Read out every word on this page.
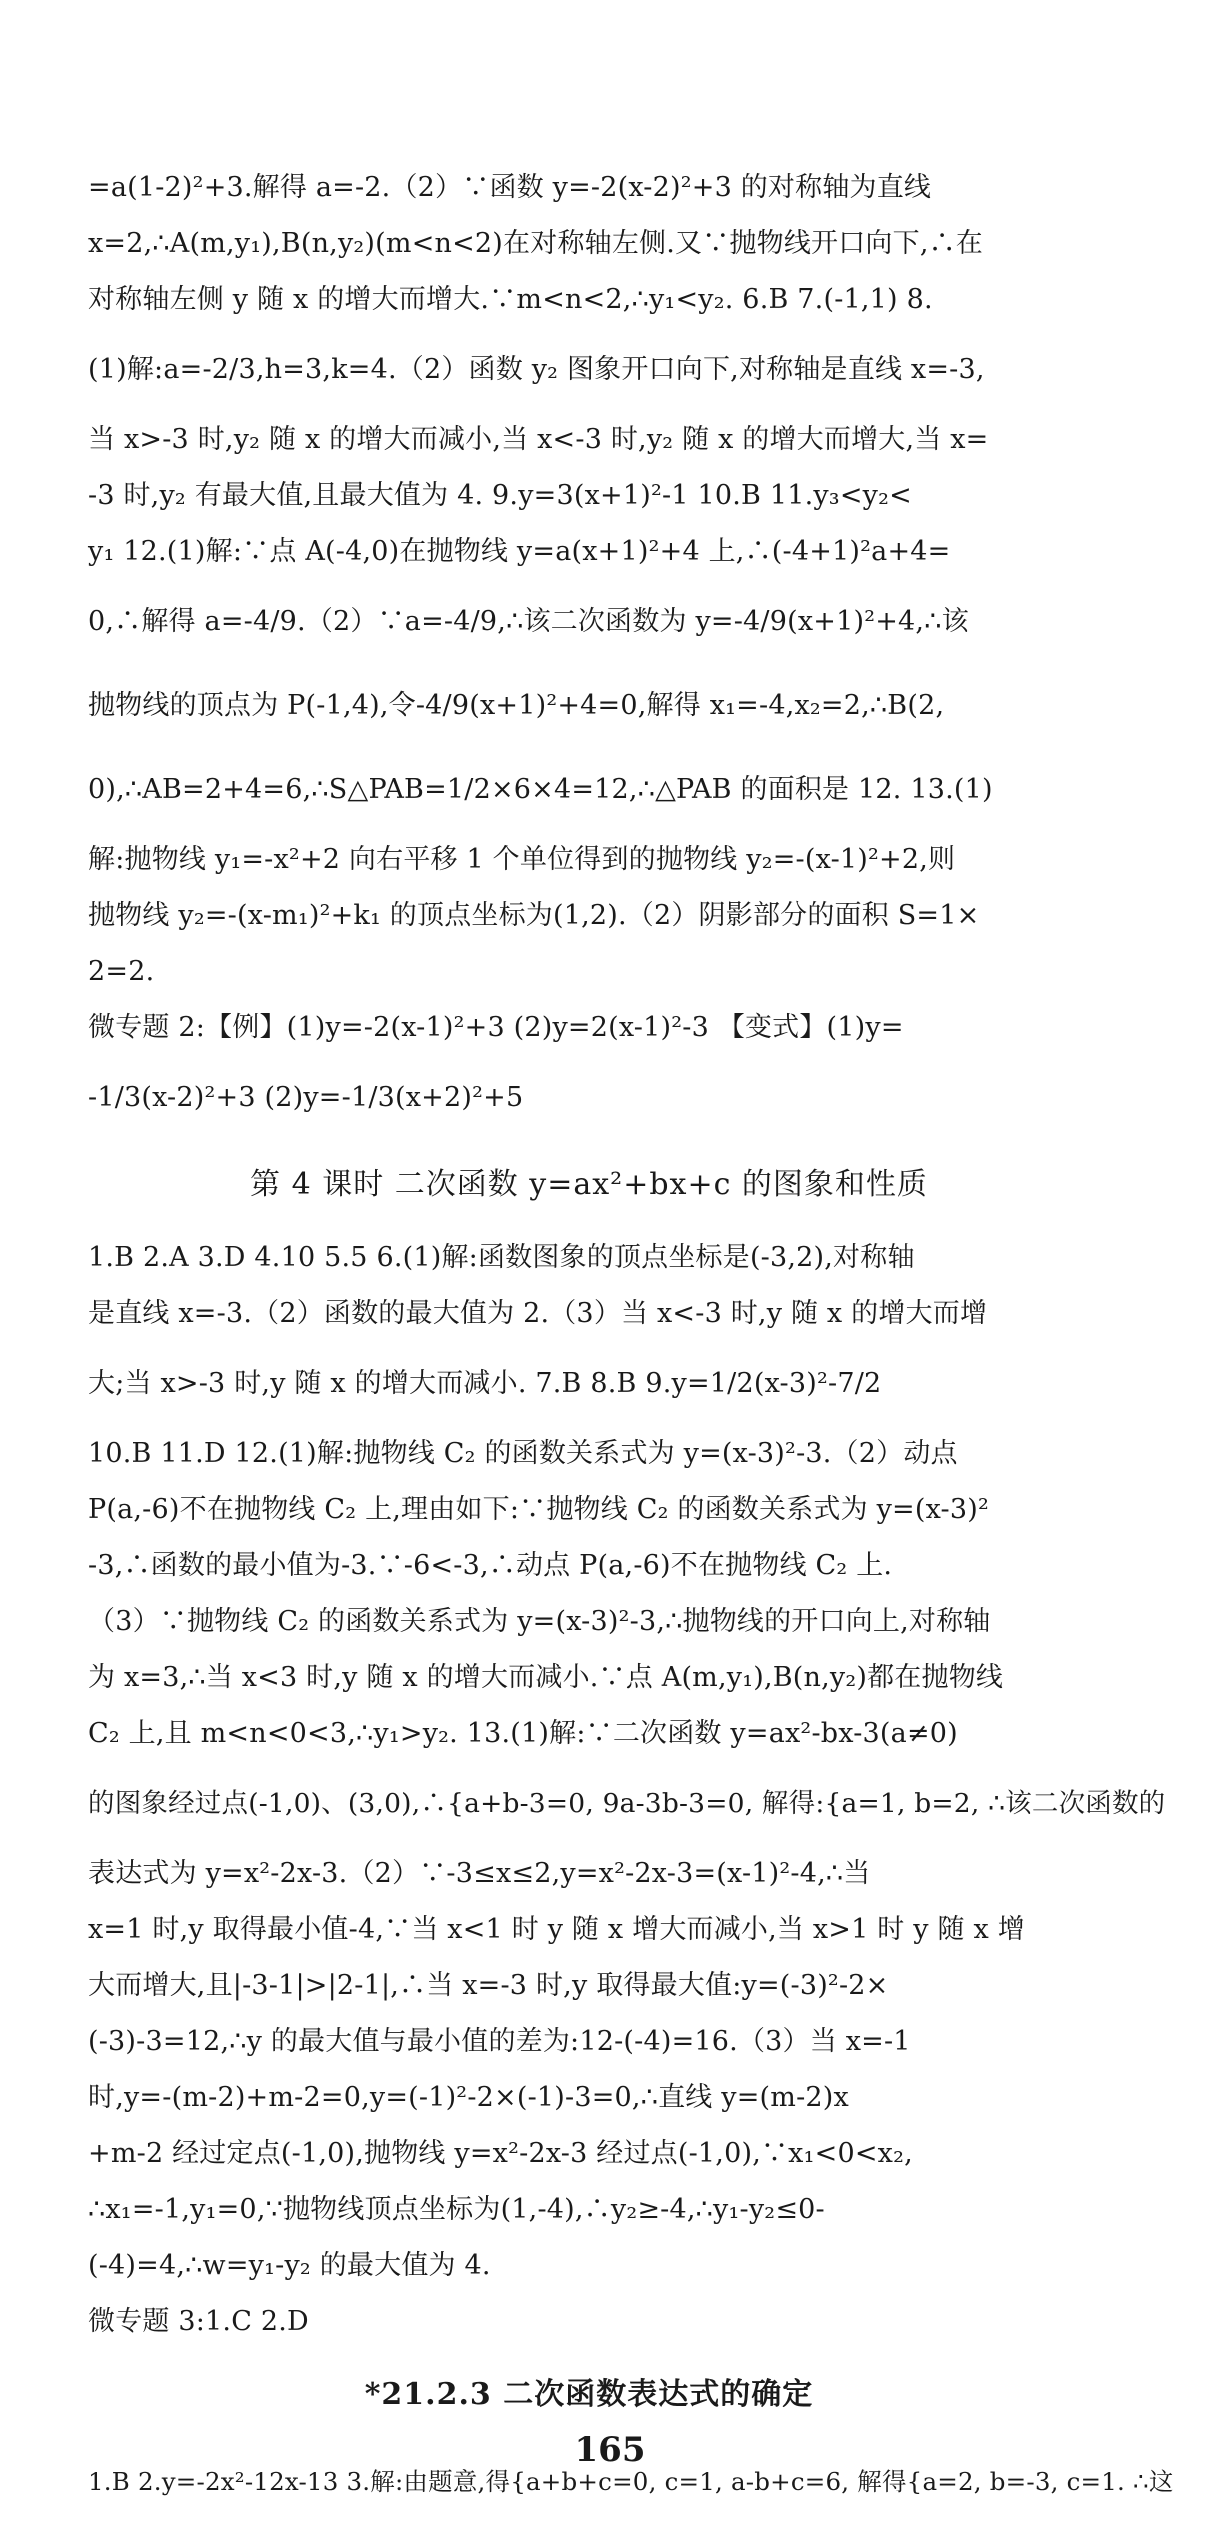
=a(1-2)²+3.解得 a=-2.（2）∵函数 y=-2(x-2)²+3 的对称轴为直线
x=2,∴A(m,y₁),B(n,y₂)(m<n<2)在对称轴左侧.又∵抛物线开口向下,∴在
对称轴左侧 y 随 x 的增大而增大.∵m<n<2,∴y₁<y₂. 6.B 7.(-1,1) 8.
(1)解:a=-2/3,h=3,k=4.（2）函数 y₂ 图象开口向下,对称轴是直线 x=-3,
当 x>-3 时,y₂ 随 x 的增大而减小,当 x<-3 时,y₂ 随 x 的增大而增大,当 x=
-3 时,y₂ 有最大值,且最大值为 4. 9.y=3(x+1)²-1 10.B 11.y₃<y₂<
y₁ 12.(1)解:∵点 A(-4,0)在抛物线 y=a(x+1)²+4 上,∴(-4+1)²a+4=
0,∴解得 a=-4/9.（2）∵a=-4/9,∴该二次函数为 y=-4/9(x+1)²+4,∴该
抛物线的顶点为 P(-1,4),令-4/9(x+1)²+4=0,解得 x₁=-4,x₂=2,∴B(2,
0),∴AB=2+4=6,∴S△PAB=1/2×6×4=12,∴△PAB 的面积是 12. 13.(1)
解:抛物线 y₁=-x²+2 向右平移 1 个单位得到的抛物线 y₂=-(x-1)²+2,则
抛物线 y₂=-(x-m₁)²+k₁ 的顶点坐标为(1,2).（2）阴影部分的面积 S=1×
2=2.
微专题 2:【例】(1)y=-2(x-1)²+3 (2)y=2(x-1)²-3 【变式】(1)y=
-1/3(x-2)²+3 (2)y=-1/3(x+2)²+5
第 4 课时 二次函数 y=ax²+bx+c 的图象和性质
1.B 2.A 3.D 4.10 5.5 6.(1)解:函数图象的顶点坐标是(-3,2),对称轴
是直线 x=-3.（2）函数的最大值为 2.（3）当 x<-3 时,y 随 x 的增大而增
大;当 x>-3 时,y 随 x 的增大而减小. 7.B 8.B 9.y=1/2(x-3)²-7/2
10.B 11.D 12.(1)解:抛物线 C₂ 的函数关系式为 y=(x-3)²-3.（2）动点
P(a,-6)不在抛物线 C₂ 上,理由如下:∵抛物线 C₂ 的函数关系式为 y=(x-3)²
-3,∴函数的最小值为-3.∵-6<-3,∴动点 P(a,-6)不在抛物线 C₂ 上.
（3）∵抛物线 C₂ 的函数关系式为 y=(x-3)²-3,∴抛物线的开口向上,对称轴
为 x=3,∴当 x<3 时,y 随 x 的增大而减小.∵点 A(m,y₁),B(n,y₂)都在抛物线
C₂ 上,且 m<n<0<3,∴y₁>y₂. 13.(1)解:∵二次函数 y=ax²-bx-3(a≠0)
的图象经过点(-1,0)、(3,0),∴{a+b-3=0, 9a-3b-3=0, 解得:{a=1, b=2, ∴该二次函数的
表达式为 y=x²-2x-3.（2）∵-3≤x≤2,y=x²-2x-3=(x-1)²-4,∴当
x=1 时,y 取得最小值-4,∵当 x<1 时 y 随 x 增大而减小,当 x>1 时 y 随 x 增
大而增大,且|-3-1|>|2-1|,∴当 x=-3 时,y 取得最大值:y=(-3)²-2×
(-3)-3=12,∴y 的最大值与最小值的差为:12-(-4)=16.（3）当 x=-1
时,y=-(m-2)+m-2=0,y=(-1)²-2×(-1)-3=0,∴直线 y=(m-2)x
+m-2 经过定点(-1,0),抛物线 y=x²-2x-3 经过点(-1,0),∵x₁<0<x₂,
∴x₁=-1,y₁=0,∵抛物线顶点坐标为(1,-4),∴y₂≥-4,∴y₁-y₂≤0-
(-4)=4,∴w=y₁-y₂ 的最大值为 4.
微专题 3:1.C 2.D
*21.2.3 二次函数表达式的确定
1.B 2.y=-2x²-12x-13 3.解:由题意,得{a+b+c=0, c=1, a-b+c=6, 解得{a=2, b=-3, c=1. ∴这
165
